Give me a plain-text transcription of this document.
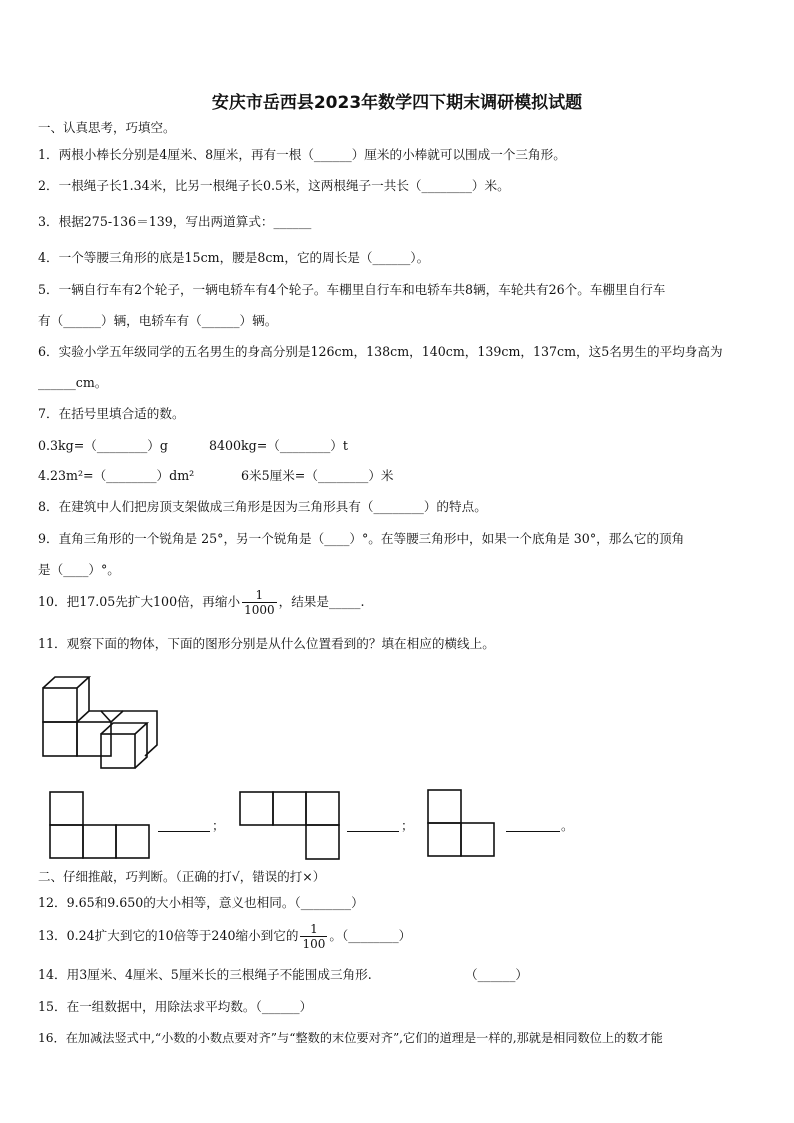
安庆市岳西县2023年数学四下期末调研模拟试题
一、认真思考，巧填空。
1．两根小棒长分别是4厘米、8厘米，再有一根（______）厘米的小棒就可以围成一个三角形。
2．一根绳子长1.34米，比另一根绳子长0.5米，这两根绳子一共长（________）米。
3．根据275-136＝139，写出两道算式：______
4．一个等腰三角形的底是15cm，腰是8cm，它的周长是（______）。
5．一辆自行车有2个轮子，一辆电轿车有4个轮子。车棚里自行车和电轿车共8辆，车轮共有26个。车棚里自行车
有（______）辆，电轿车有（______）辆。
6．实验小学五年级同学的五名男生的身高分别是126cm，138cm，140cm，139cm，137cm，这5名男生的平均身高为
______cm。
7．在括号里填合适的数。
0.3kg=（________）g	8400kg=（________）t
4.23m²=（________）dm²	6米5厘米=（________）米
8．在建筑中人们把房顶支架做成三角形是因为三角形具有（________）的特点。
9．直角三角形的一个锐角是 25°，另一个锐角是（____）°。在等腰三角形中，如果一个底角是 30°，那么它的顶角
是（____）°。
10．把17.05先扩大100倍，再缩小 $\frac{1}{1000}$ ，结果是_____.
11．观察下面的物体，下面的图形分别是从什么位置看到的？填在相应的横线上。
；	；	。
二、仔细推敲，巧判断。（正确的打√，错误的打×）
12．9.65和9.650的大小相等，意义也相同。（________）
13．0.24扩大到它的10倍等于240缩小到它的 $\frac{1}{100}$ 。（________）
14．用3厘米、4厘米、5厘米长的三根绳子不能围成三角形.	（______）
15．在一组数据中，用除法求平均数。（______）
16．在加减法竖式中,“小数的小数点要对齐”与“整数的末位要对齐”,它们的道理是一样的,那就是相同数位上的数才能
